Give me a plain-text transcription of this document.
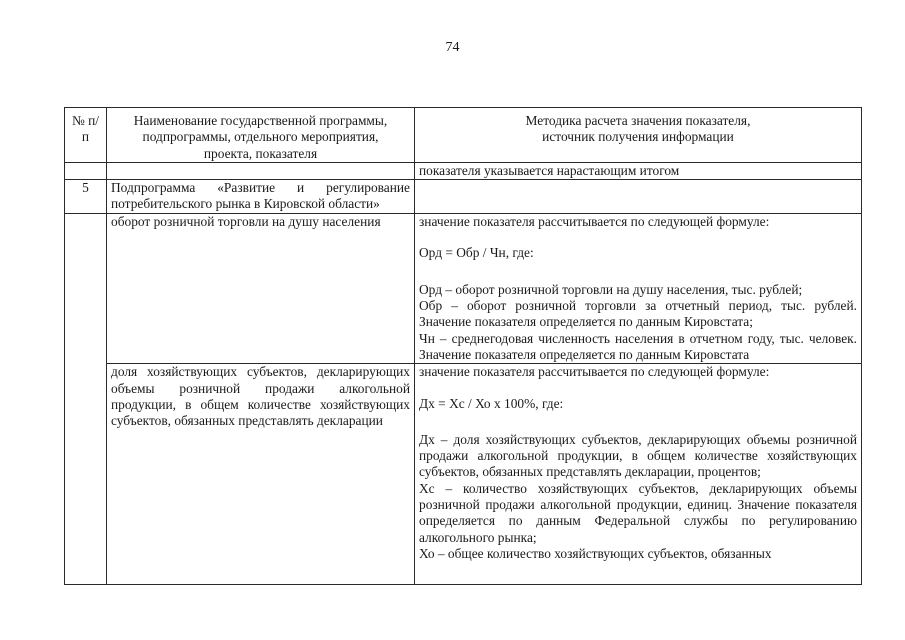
74
№ п/п	Наименование государственной программы, подпрограммы, отдельного мероприятия, проекта, показателя	Методика расчета значения показателя, источник получения информации
		показателя указывается нарастающим итогом
5	Подпрограмма «Развитие и регулирование потребительского рынка в Кировской области»	
	оборот розничной торговли на душу населения	значение показателя рассчитывается по следующей формуле:
Орд = Обр / Чн, где:
Орд – оборот розничной торговли на душу населения, тыс. рублей;
Обр – оборот розничной торговли за отчетный период, тыс. рублей. Значение показателя определяется по данным Кировстата;
Чн – среднегодовая численность населения в отчетном году, тыс. человек. Значение показателя определяется по данным Кировстата

	доля хозяйствующих субъектов, декларирующих объемы розничной продажи алкогольной продукции, в общем количестве хозяйствующих субъектов, обязанных представлять декларации	значение показателя рассчитывается по следующей формуле:
Дх = Хс / Хо х 100%, где:
Дх – доля хозяйствующих субъектов, декларирующих объемы розничной продажи алкогольной продукции, в общем количестве хозяйствующих субъектов, обязанных представлять декларации, процентов;
Хс – количество хозяйствующих субъектов, декларирующих объемы розничной продажи алкогольной продукции, единиц. Значение показателя определяется по данным Федеральной службы по регулированию алкогольного рынка;
Хо – общее количество хозяйствующих субъектов, обязанных
